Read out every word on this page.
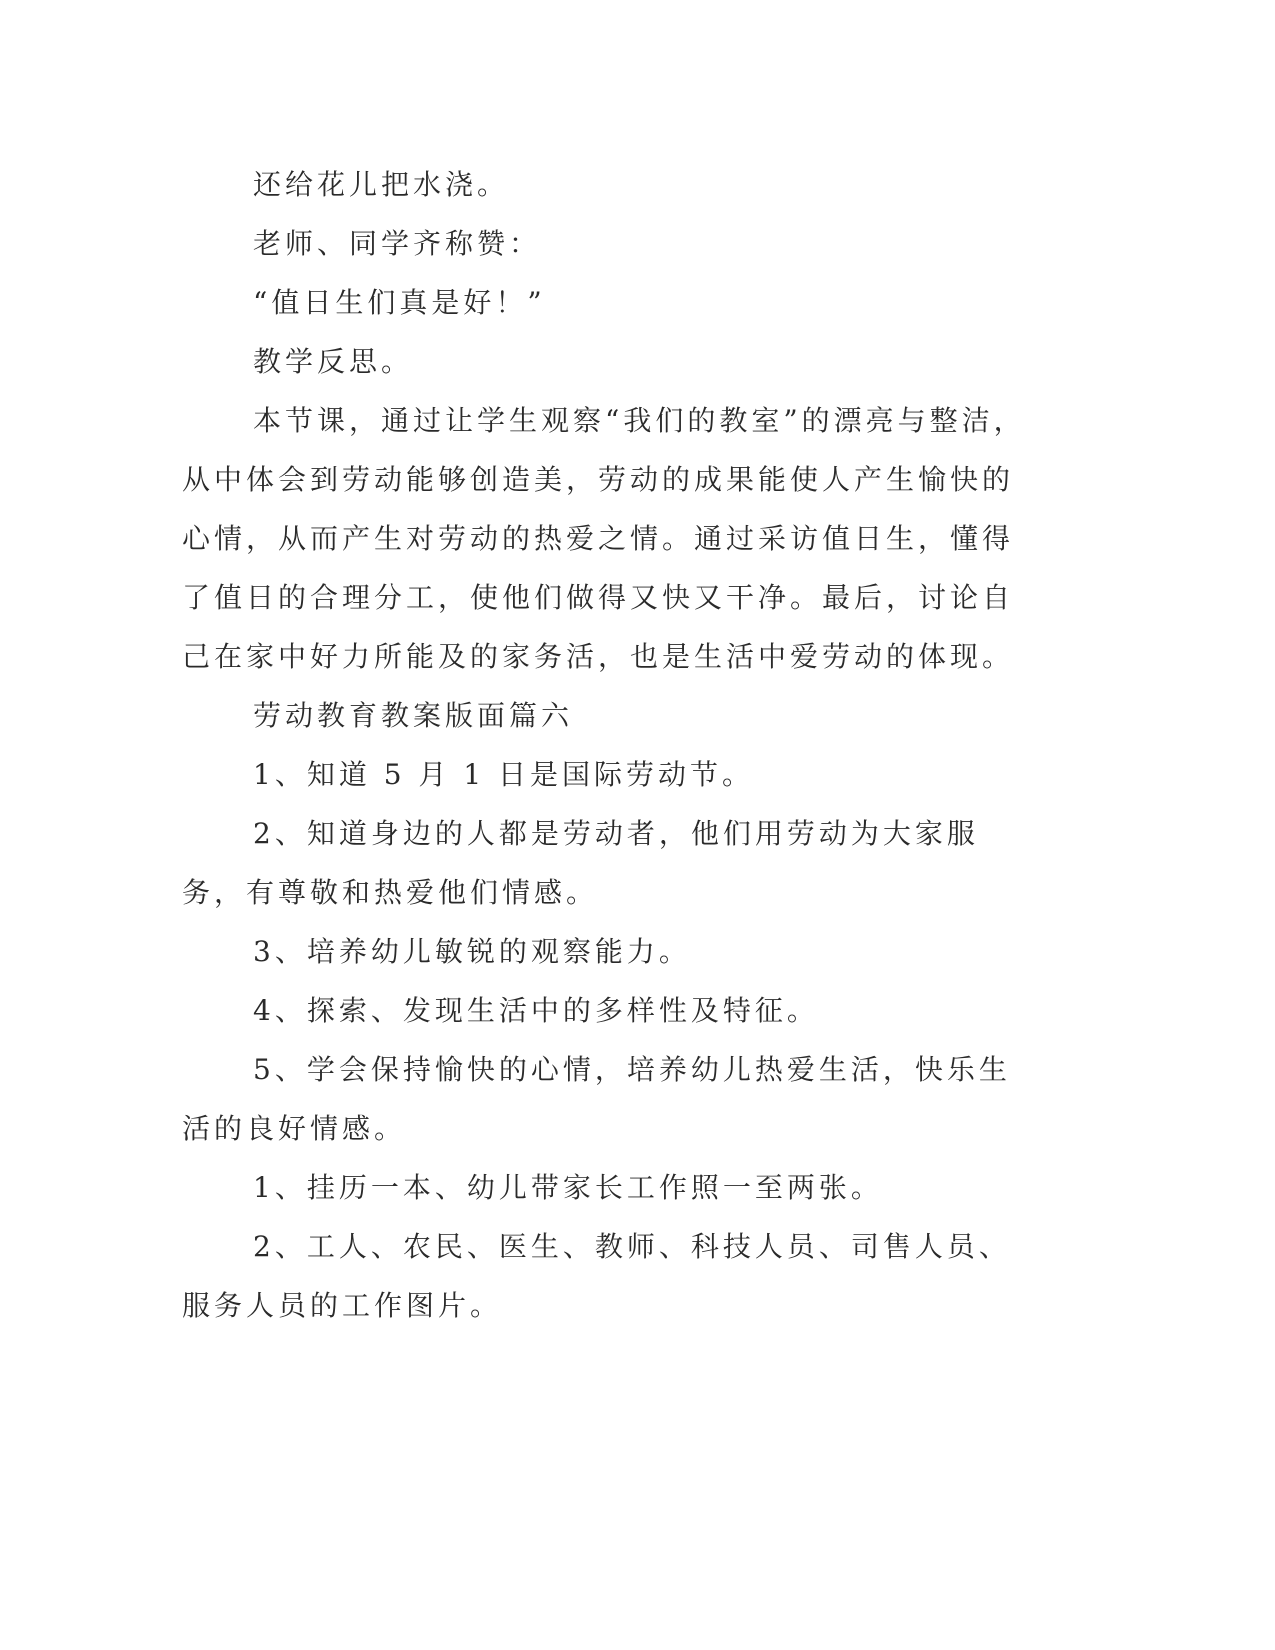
还给花儿把水浇。

老师、同学齐称赞：

“值日生们真是好！”

教学反思。

本节课，通过让学生观察“我们的教室”的漂亮与整洁，从中体会到劳动能够创造美，劳动的成果能使人产生愉快的心情，从而产生对劳动的热爱之情。通过采访值日生，懂得了值日的合理分工，使他们做得又快又干净。最后，讨论自己在家中好力所能及的家务活，也是生活中爱劳动的体现。

劳动教育教案版面篇六

1、知道 5 月 1 日是国际劳动节。

2、知道身边的人都是劳动者，他们用劳动为大家服务，有尊敬和热爱他们情感。

3、培养幼儿敏锐的观察能力。

4、探索、发现生活中的多样性及特征。

5、学会保持愉快的心情，培养幼儿热爱生活，快乐生活的良好情感。

1、挂历一本、幼儿带家长工作照一至两张。

2、工人、农民、医生、教师、科技人员、司售人员、服务人员的工作图片。
